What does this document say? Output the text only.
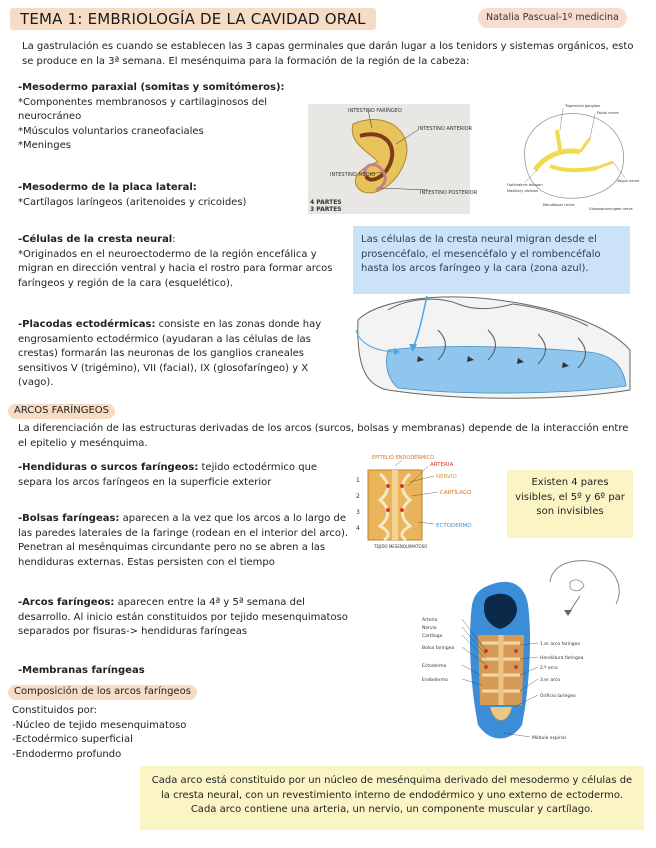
TEMA 1: EMBRIOLOGÍA DE LA CAVIDAD ORAL	Natalia Pascual-1º medicina
La gastrulación es cuando se establecen las 3 capas germinales que darán lugar a los tenidors y sistemas orgánicos, esto se produce en la 3ª semana. El mesénquima para la formación de la región de la cabeza:
-Mesodermo paraxial (somitas y somitómeros):
*Componentes membranosos y cartilaginosos del neurocráneo
*Músculos voluntarios craneofaciales
*Meninges
-Mesodermo de la placa lateral:
*Cartílagos laríngeos (aritenoides y cricoides)
-Células de la cresta neural:
*Originados en el neuroectodermo de la región encefálica y migran en dirección ventral y hacia el rostro para formar arcos faríngeos y región de la cara (esquelético).
-Placodas ectodérmicas: consiste en las zonas donde hay engrosamiento ectodérmico (ayudaran a las células de las crestas) formarán las neuronas de los ganglios craneales sensitivos V (trigémino), VII (facial), IX (glosofaríngeo) y X (vago).
Las células de la cresta neural migran desde el prosencéfalo, el mesencéfalo y el rombencéfalo hasta los arcos faríngeo y la cara (zona azul).
ARCOS FARÍNGEOS
La diferenciación de las estructuras derivadas de los arcos (surcos, bolsas y membranas) depende de la interacción entre el epitelio y mesénquima.
-Hendiduras o surcos faríngeos: tejido ectodérmico que separa los arcos faríngeos en la superficie exterior
-Bolsas faríngeas: aparecen a la vez que los arcos a lo largo de las paredes laterales de la faringe (rodean en el interior del arco). Penetran al mesénquimas circundante pero no se abren a las hendiduras externas. Estas persisten con el tiempo
-Arcos faríngeos: aparecen entre la 4ª y 5ª semana del desarrollo. Al inicio están constituidos por tejido mesenquimatoso separados por fisuras-> hendiduras faríngeas
-Membranas faríngeas
Composición de los arcos faríngeos
Constituidos por:
-Núcleo de tejido mesenquimatoso
-Ectodérmico superficial
-Endodermo profundo
Existen 4 pares visibles, el 5º y 6º par son invisibles
Cada arco está constituido por un núcleo de mesénquima derivado del mesodermo y células de la cresta neural, con un revestimiento interno de endodérmico y uno externo de ectodermo. Cada arco contiene una arteria, un nervio, un componente muscular y cartílago.
INTESTINO FARÍNGEO
INTESTINO ANTERIOR
INTESTINO MEDIO
INTESTINO POSTERIOR
4 PARTES
3 PARTES
Trigeminal ganglion
Facial nerve
Ophthalmic division
Maxillary division
Mandibular nerve
Vagus nerve
Glossopharyngeal nerve
EPITELIO ENDODÉRMICO
ARTERIA
NERVIO
CARTÍLAGO
ECTODERMO
TEJIDO MESENQUIMATOSO
1
2
3
4
Arteria
Nervio
Cartílago
Bolsa faríngea
Ectodermo
Endodermo
1.er arco faríngeo
Hendidura faríngea
2.º arco
3.er arco
Orificio laríngeo
Médula espinal
